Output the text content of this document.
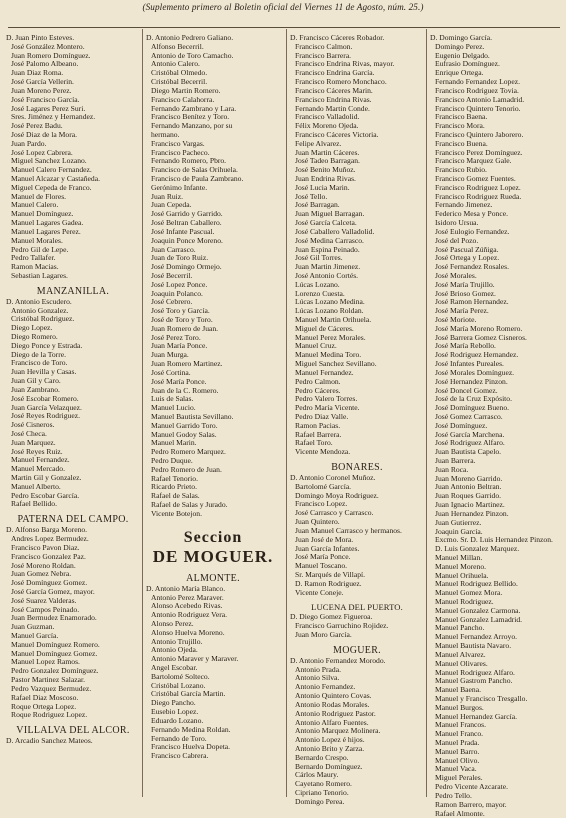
(Suplemento primero al Boletin oficial del Viernes 11 de Agosto, núm. 25.)
D. Juan Pinto Esteves.
José González Montero.
Juan Romero Domínguez.
José Palomo Albeano.
Juan Diaz Roma.
José García Vellerin.
Juan Moreno Perez.
José Francisco García.
José Lagares Perez Suri.
Sres. Jiménez y Hernandez.
José Perez Badu.
José Diaz de la Mora.
Juan Pardo.
José Lopez Cabrera.
Miguel Sanchez Lozano.
Manuel Calero Fernandez.
Manuel Alcazar y Castañeda.
Miguel Cepeda de Franco.
Manuel de Flores.
Manuel Calero.
Manuel Domínguez.
Manuel Lagares Gadea.
Manuel Lagares Perez.
Manuel Morales.
Pedro Gil de Lepe.
Pedro Tallafer.
Ramon Macias.
Sebastian Lagares.
MANZANILLA.
D. Antonio Escudero.
Antonio Gonzalez.
Cristóbal Rodriguez.
Diego Lopez.
Diego Romero.
Diego Ponce y Estrada.
Diego de la Torre.
Francisco de Toro.
Juan Hevilla y Casas.
Juan Gil y Caro.
Juan Zambrano.
José Escobar Romero.
Juan García Velazquez.
José Reyes Rodriguez.
José Cisneros.
José Checa.
Juan Marquez.
José Reyes Ruiz.
Manuel Fernandez.
Manuel Mercado.
Martin Gil y Gonzalez.
Manuel Alberto.
Pedro Escobar García.
Rafael Bellido.
PATERNA DEL CAMPO.
D. Alfonso Barga Moreno.
Andres Lopez Bermudez.
Francisco Pavon Diaz.
Francisco Gonzalez Paz.
José Moreno Roldan.
Juan Gomez Nebra.
José Domínguez Gomez.
José García Gomez, mayor.
José Suarez Valderas.
José Campos Peinado.
Juan Bermudez Enamorado.
Juan Guzman.
Manuel García.
Manuel Domínguez Romero.
Manuel Domínguez Gomez.
Manuel Lopez Ramos.
Pedro Gonzalez Domínguez.
Pastor Martinez Salazar.
Pedro Vazquez Bermudez.
Rafael Diaz Moscoso.
Roque Ortega Lopez.
Roque Rodriguez Lopez.
VILLALVA DEL ALCOR.
D. Arcadio Sanchez Mateos.
D. Antonio Pedrero Galiano.
Alfonso Becerril.
Antonio de Toro Camacho.
Antonio Calero.
Cristóbal Olmedo.
Cristóbal Becerril.
Diego Martin Romero.
Francisco Calahorra.
Fernando Zambrano y Lara.
Francisco Benítez y Toro.
Fernando Manzano, por su
hermano.
Francisco Vargas.
Francisco Pacheco.
Fernando Romero, Pbro.
Francisco de Salas Orihuela.
Francisco de Paula Zambrano.
Gerónimo Infante.
Juan Ruiz.
Juan Cepeda.
José Garrido y Garrido.
José Beltran Caballero.
José Infante Pascual.
Joaquin Ponce Moreno.
Juan Carrasco.
Juan de Toro Ruiz.
José Domingo Ormejo.
José Becerril.
José Lopez Ponce.
Joaquin Polanco.
José Cebrero.
José Toro y García.
José de Toro y Toro.
Juan Romero de Juan.
José Perez Toro.
Juan María Ponce.
Juan Murga.
Juan Romero Martinez.
José Cortina.
José María Ponce.
Juan de la C. Romero.
Luis de Salas.
Manuel Lucio.
Manuel Bautista Sevillano.
Manuel Garrido Toro.
Manuel Godoy Salas.
Manuel Marin.
Pedro Romero Marquez.
Pedro Duque.
Pedro Romero de Juan.
Rafael Tenorio.
Ricardo Prieto.
Rafael de Salas.
Rafael de Salas y Jurado.
Vicente Botejon.
Seccion
DE MOGUER.
ALMONTE.
D. Antonio María Blanco.
Antonio Perez Maraver.
Alonso Acebedo Rivas.
Antonio Rodriguez Vera.
Alonso Perez.
Alonso Huelva Moreno.
Antonio Trujillo.
Antonio Ojeda.
Antonio Maraver y Maraver.
Angel Escobar.
Bartolomé Solteco.
Cristóbal Lozano.
Cristóbal García Martin.
Diego Pancho.
Eusebio Lopez.
Eduardo Lozano.
Fernando Medina Roldan.
Fernando de Toro.
Francisco Huelva Dopeta.
Francisco Cabrera.
D. Francisco Cáceres Robador.
Francisco Calmon.
Francisco Barrera.
Francisco Endrina Rivas, mayor.
Francisco Endrina García.
Francisco Romero Monchaco.
Francisco Cáceres Marin.
Francisco Endrina Rivas.
Fernando Martin Conde.
Francisco Valladolid.
Félix Moreno Ojeda.
Francisco Cáceres Victoria.
Felipe Alvarez.
Juan Martin Cáceres.
José Tadeo Barragan.
José Benito Muñoz.
Juan Endrina Rivas.
José Lucia Marin.
José Tello.
José Barragan.
Juan Miguel Barragan.
José García Calceta.
José Caballero Valladolid.
José Medina Carrasco.
Juan Espina Peinado.
José Gil Torres.
Juan Martin Jimenez.
José Antonio Cortés.
Lúcas Lozano.
Lorenzo Cuesta.
Lúcas Lozano Medina.
Lúcas Lozano Roldan.
Manuel Martin Orihuela.
Miguel de Cáceres.
Manuel Perez Morales.
Manuel Cruz.
Manuel Medina Toro.
Miguel Sanchez Sevillano.
Manuel Fernandez.
Pedro Calmon.
Pedro Cáceres.
Pedro Valero Torres.
Pedro María Vicente.
Pedro Diaz Valle.
Ramon Pacias.
Rafael Barrera.
Rafael Toro.
Vicente Mendoza.
BONARES.
D. Antonio Coronel Muñoz.
Bartolomé García.
Domingo Moya Rodriguez.
Francisco Lopez.
José Carrasco y Carrasco.
Juan Quintero.
Juan Manuel Carrasco y hermanos.
Juan José de Mora.
Juan García Infantes.
José María Ponce.
Manuel Toscano.
Sr. Marqués de Villapí.
D. Ramon Rodriguez.
Vicente Coneje.
LUCENA DEL PUERTO.
D. Diego Gomez Figueroa.
Francisco Garruchino Rojidez.
Juan Moro García.
MOGUER.
D. Antonio Fernandez Morodo.
Antonio Prada.
Antonio Silva.
Antonio Fernandez.
Antonio Quintero Covas.
Antonio Rodas Morales.
Antonio Rodriguez Pastor.
Antonio Alfaro Fuentes.
Antonio Marquez Molinera.
Antonio Lopez é hijos.
Antonio Brito y Zarza.
Bernardo Crespo.
Bernardo Domínguez.
Cárlos Maury.
Cayetano Romero.
Cipriano Tenorio.
Domingo Perea.
D. Domingo García.
Domingo Perez.
Eugenio Delgado.
Eufrasio Domínguez.
Enrique Ortega.
Fernando Fernandez Lopez.
Francisco Rodriguez Tovia.
Francisco Antonio Lamadrid.
Francisco Quintero Tenorio.
Francisco Baena.
Francisco Mora.
Francisco Quintero Jaborero.
Francisco Buena.
Francisco Perez Domínguez.
Francisco Marquez Gale.
Francisco Rubio.
Francisco Gomez Fuentes.
Francisco Rodriguez Lopez.
Francisco Rodriguez Rueda.
Fernando Jimenez.
Federico Mesa y Ponce.
Isidoro Ursua.
José Eulogio Fernandez.
José del Pozo.
José Pascual Zúñiga.
José Ortega y Lopez.
José Fernandez Rosales.
José Morales.
José María Trujillo.
José Brioso Gomez.
José Ramon Hernandez.
José María Perez.
José Moriote.
José María Moreno Romero.
José Barrera Gomez Cisneros.
José María Rebollo.
José Rodriguez Hernandez.
José Infantes Pureales.
José Morales Domínguez.
José Hernandez Pinzon.
José Doncel Gomez.
José de la Cruz Expósito.
José Domínguez Bueno.
José Gomez Carrasco.
José Domínguez.
José García Marchena.
José Rodriguez Alfaro.
Juan Bautista Capelo.
Juan Barrera.
Juan Roca.
Juan Moreno Garrido.
Juan Antonio Beltran.
Juan Roques Garrido.
Juan Ignacio Martinez.
Juan Hernandez Pinzon.
Juan Gutierrez.
Joaquin García.
Excmo. Sr. D. Luis Hernandez Pinzon.
D. Luis Gonzalez Marquez.
Manuel Millan.
Manuel Moreno.
Manuel Orihuela.
Manuel Rodriguez Bellido.
Manuel Gomez Mora.
Manuel Rodriguez.
Manuel Gonzalez Carmona.
Manuel Gonzalez Lamadrid.
Manuel Pancho.
Manuel Fernandez Arroyo.
Manuel Bautista Navaro.
Manuel Alvarez.
Manuel Olivares.
Manuel Rodriguez Alfaro.
Manuel Gastrom Pancho.
Manuel Baena.
Manuel y Francisco Tresgallo.
Manuel Burgos.
Manuel Hernandez García.
Manuel Francos.
Manuel Franco.
Manuel Prada.
Manuel Barro.
Manuel Olivo.
Manuel Vaca.
Miguel Perales.
Pedro Vicente Azcarate.
Pedro Tello.
Ramon Barrero, mayor.
Rafael Almonte.
